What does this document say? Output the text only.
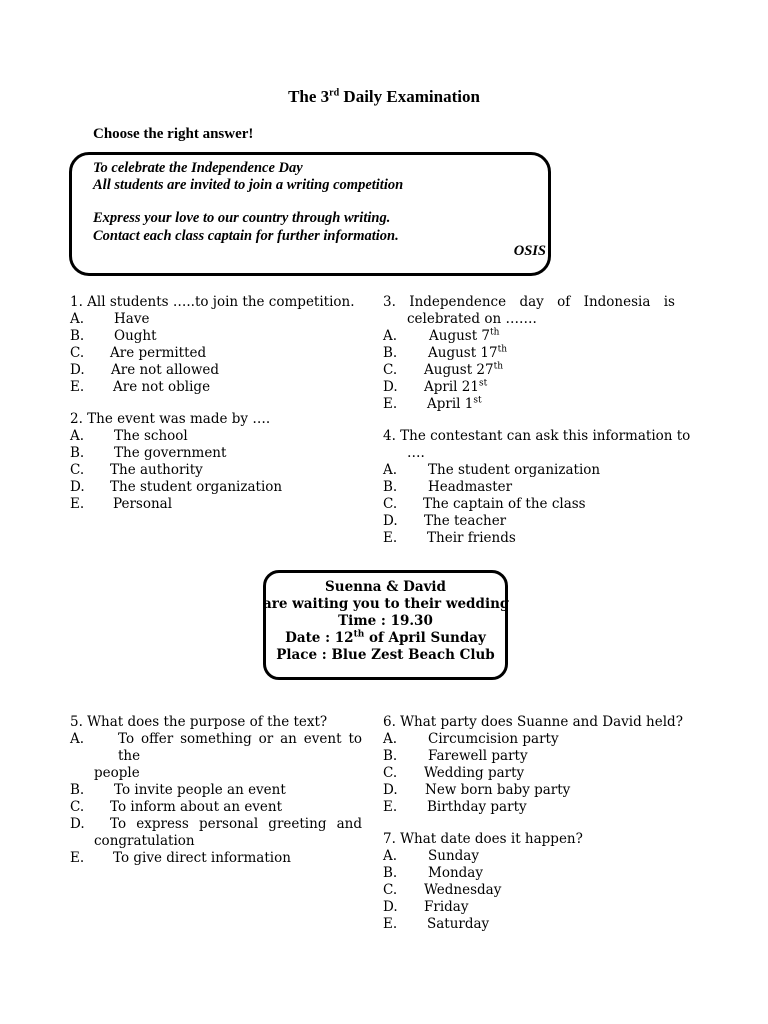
The 3rd Daily Examination
Choose the right answer!
To celebrate the Independence Day
All students are invited to join a writing competition
Express your love to our country through writing.
Contact each class captain for further information.
OSIS
1. All students …..to join the competition.
A.	Have
B.	Ought
C.	Are permitted
D.	Are not allowed
E.	Are not oblige
2. The event was made by ….
A.	The school
B.	The government
C.	The authority
D.	The student organization
E.	Personal
3. Independence day of Indonesia is
celebrated on …….
A.	August 7th
B.	August 17th
C.	August 27th
D.	April 21st
E.	April 1st
4. The contestant can ask this information to
….
A.	The student organization
B.	Headmaster
C.	The captain of the class
D.	The teacher
E.	Their friends
Suenna & David
are waiting you to their wedding
Time : 19.30
Date : 12th of April Sunday
Place : Blue Zest Beach Club
5. What does the purpose of the text?
A.	To offer something or an event to the
people
B.	To invite people an event
C.	To inform about an event
D.	To express personal greeting and
congratulation
E.	To give direct information
6. What party does Suanne and David held?
A.	Circumcision party
B.	Farewell party
C.	Wedding party
D.	New born baby party
E.	Birthday party
7. What date does it happen?
A.	Sunday
B.	Monday
C.	Wednesday
D.	Friday
E.	Saturday
